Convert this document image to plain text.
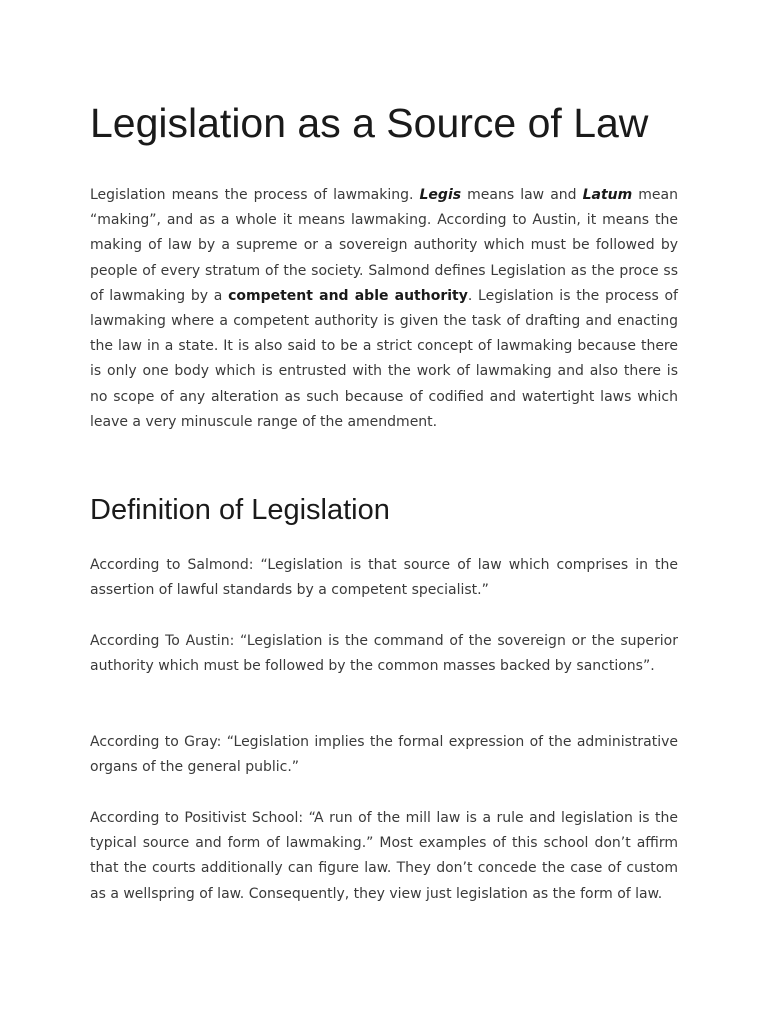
Legislation as a Source of Law

Legislation means the process of lawmaking. Legis means law and Latum mean “making”, and as a whole it means lawmaking. According to Austin, it means the making of law by a supreme or a sovereign authority which must be followed by people of every stratum of the society. Salmond defines Legislation as the proce ss of lawmaking by a competent and able authority. Legislation is the process of lawmaking where a competent authority is given the task of drafting and enacting the law in a state. It is also said to be a strict concept of lawmaking because there is only one body which is entrusted with the work of lawmaking and also there is no scope of any alteration as such because of codified and watertight laws which leave a very minuscule range of the amendment.

Definition of Legislation

According to Salmond: “Legislation is that source of law which comprises in the assertion of lawful standards by a competent specialist.”

According To Austin: “Legislation is the command of the sovereign or the superior authority which must be followed by the common masses backed by sanctions”.

According to Gray: “Legislation implies the formal expression of the administrative organs of the general public.”

According to Positivist School: “A run of the mill law is a rule and legislation is the typical source and form of lawmaking.” Most examples of this school don’t affirm that the courts additionally can figure law. They don’t concede the case of custom as a wellspring of law. Consequently, they view just legislation as the form of law.
